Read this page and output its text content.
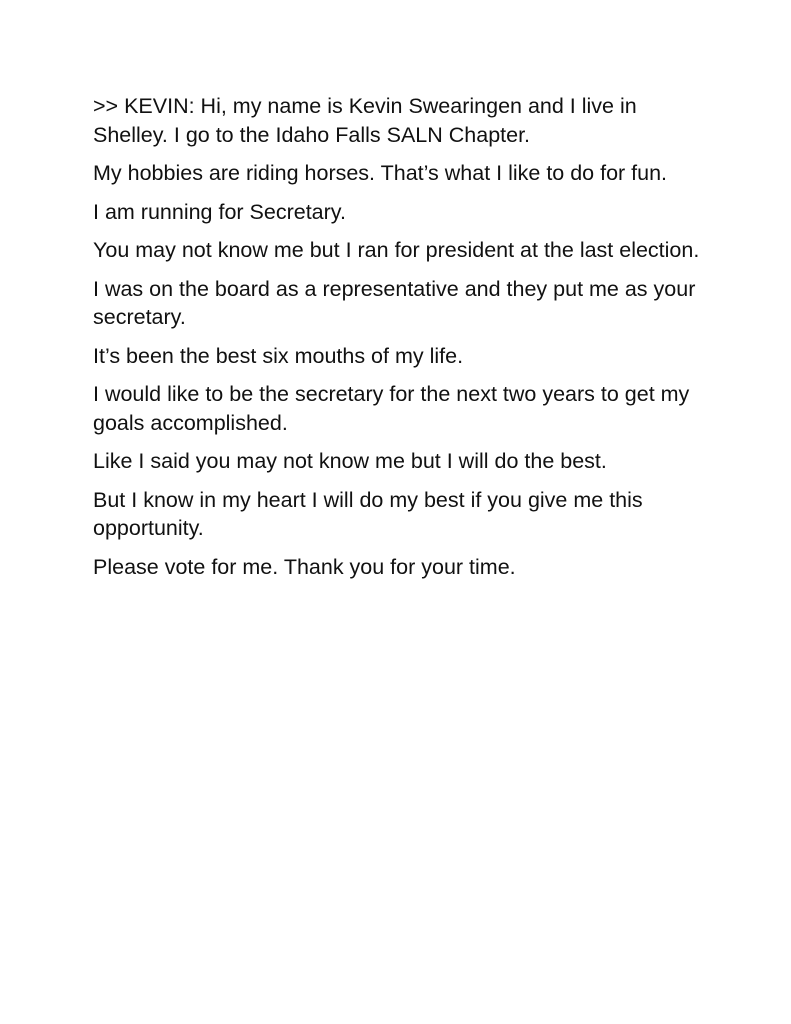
>> KEVIN: Hi, my name is Kevin Swearingen and I live in Shelley. I go to the Idaho Falls SALN Chapter.

My hobbies are riding horses. That’s what I like to do for fun.

I am running for Secretary.

You may not know me but I ran for president at the last election.

I was on the board as a representative and they put me as your secretary.

It’s been the best six mouths of my life.

I would like to be the secretary for the next two years to get my goals accomplished.

Like I said you may not know me but I will do the best.

But I know in my heart I will do my best if you give me this opportunity.

Please vote for me. Thank you for your time.
